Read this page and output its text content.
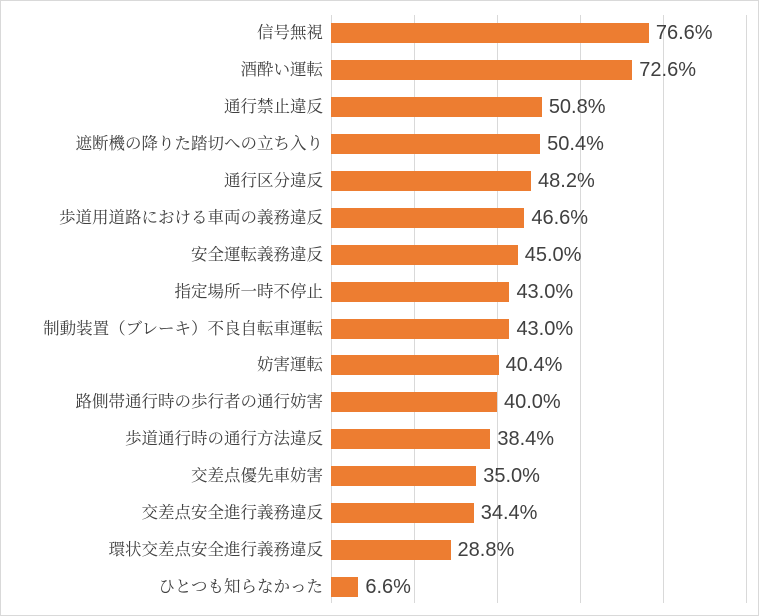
信号無視	76.6%
酒酔い運転	72.6%
通行禁止違反	50.8%
遮断機の降りた踏切への立ち入り	50.4%
通行区分違反	48.2%
歩道用道路における車両の義務違反	46.6%
安全運転義務違反	45.0%
指定場所一時不停止	43.0%
制動装置（ブレーキ）不良自転車運転	43.0%
妨害運転	40.4%
路側帯通行時の歩行者の通行妨害	40.0%
歩道通行時の通行方法違反	38.4%
交差点優先車妨害	35.0%
交差点安全進行義務違反	34.4%
環状交差点安全進行義務違反	28.8%
ひとつも知らなかった 6.6%
